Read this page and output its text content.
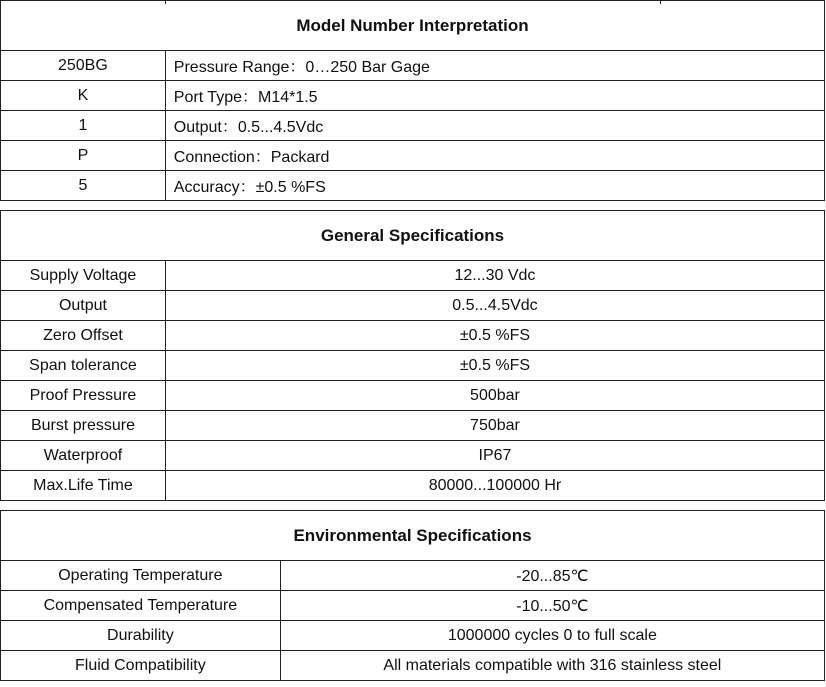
Model Number Interpretation	
250BG	Pressure Range：0…250 Bar Gage
K	Port Type：M14*1.5
1	Output：0.5...4.5Vdc
P	Connection：Packard
5	Accuracy：±0.5 %FS
General Specifications	
Supply Voltage	12...30 Vdc
Output	0.5...4.5Vdc
Zero Offset	±0.5 %FS
Span tolerance	±0.5 %FS
Proof Pressure	500bar
Burst pressure	750bar
Waterproof	IP67
Max.Life Time	80000...100000 Hr
Environmental Specifications	
Operating Temperature	-20...85℃
Compensated Temperature	-10...50℃
Durability	1000000 cycles 0 to full scale
Fluid Compatibility	All materials compatible with 316 stainless steel
